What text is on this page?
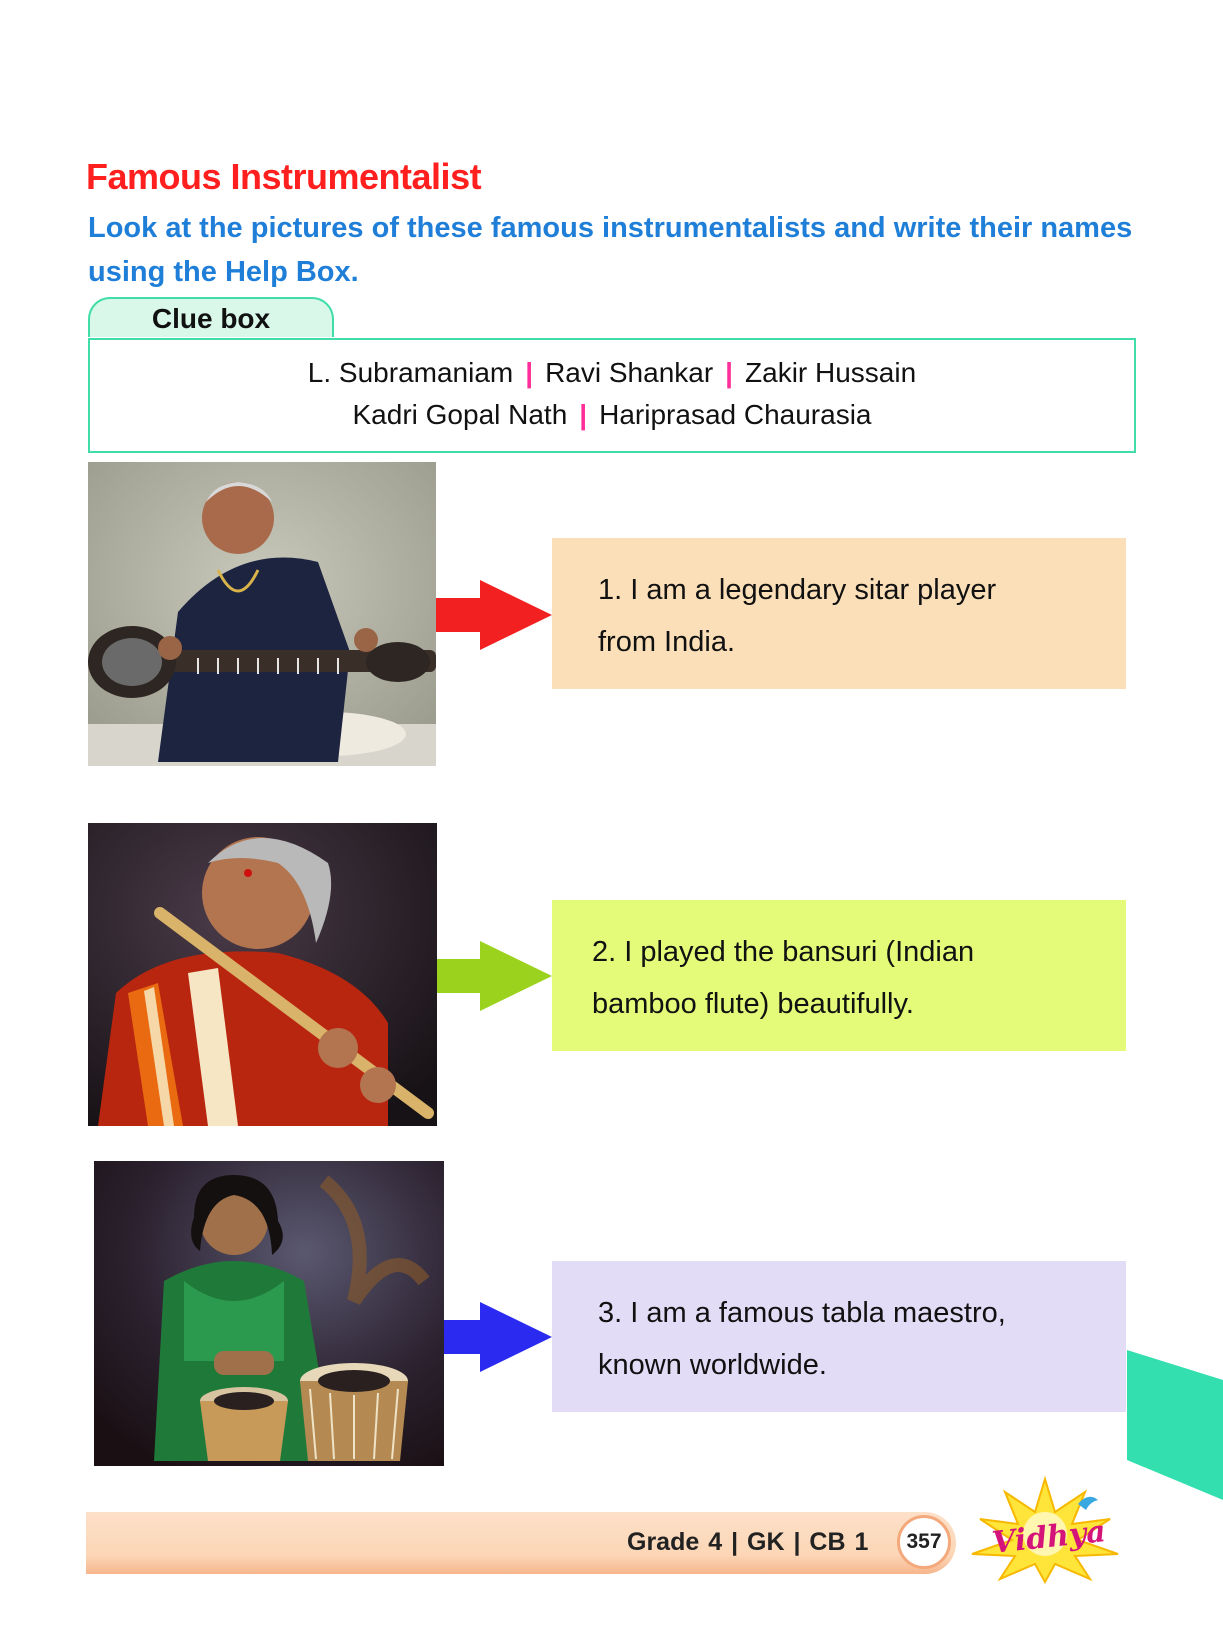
Famous Instrumentalist
Look at the pictures of these famous instrumentalists and write their names using the Help Box.
Clue box
L. Subramaniam | Ravi Shankar | Zakir Hussain
Kadri Gopal Nath | Hariprasad Chaurasia
1. I am a legendary sitar player
from India.
2. I played the bansuri (Indian
bamboo flute) beautifully.
3. I am a famous tabla maestro,
known worldwide.
Grade 4 | GK | CB 1	357	Vidhya
